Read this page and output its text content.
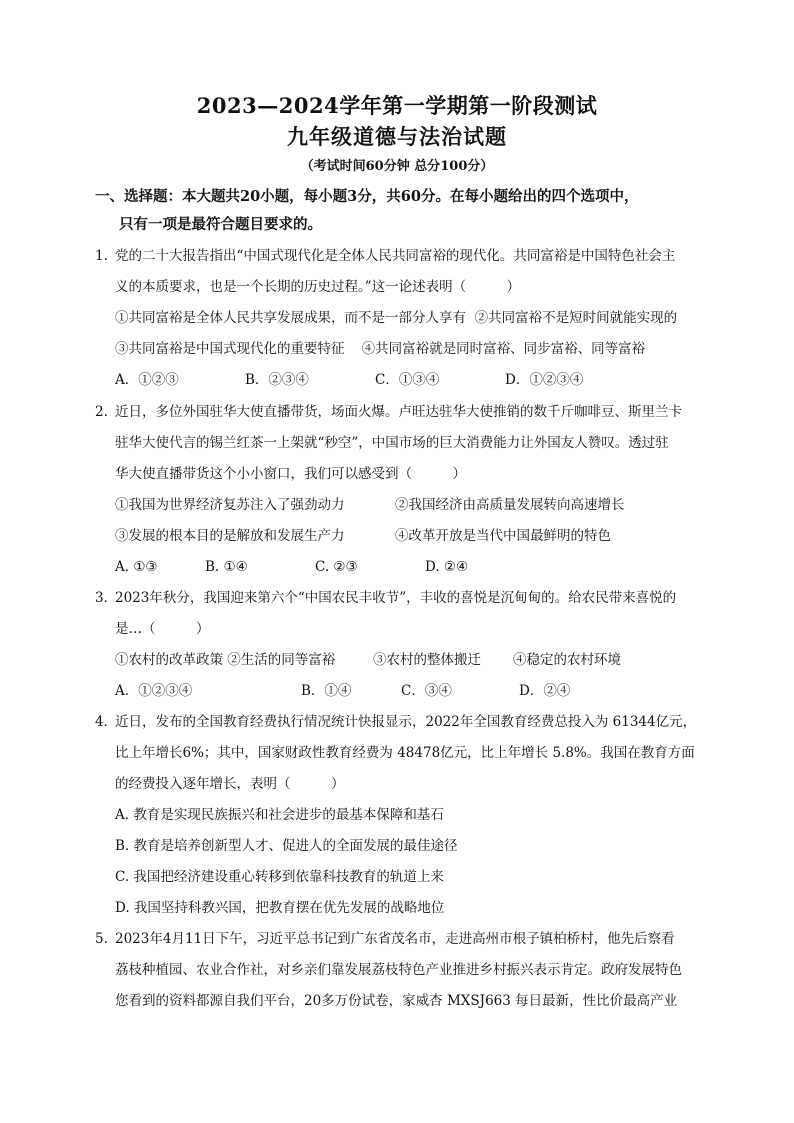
2023—2024学年第一学期第一阶段测试
九年级道德与法治试题
（考试时间60分钟 总分100分）
一、选择题：本大题共20小题，每小题3分，共60分。在每小题给出的四个选项中，
只有一项是最符合题目要求的。
1. 党的二十大报告指出“中国式现代化是全体人民共同富裕的现代化。共同富裕是中国特色社会主
义的本质要求，也是一个长期的历史过程。”这一论述表明（　　　）
①共同富裕是全体人民共享发展成果，而不是一部分人享有 ②共同富裕不是短时间就能实现的
③共同富裕是中国式现代化的重要特征 ④共同富裕就是同时富裕、同步富裕、同等富裕
A．①②③	B．②③④	C．①③④	D．①②③④
2. 近日，多位外国驻华大使直播带货，场面火爆。卢旺达驻华大使推销的数千斤咖啡豆、斯里兰卡
驻华大使代言的锡兰红茶一上架就“秒空”，中国市场的巨大消费能力让外国友人赞叹。透过驻
华大使直播带货这个小小窗口，我们可以感受到（　　　）
①我国为世界经济复苏注入了强劲动力	②我国经济由高质量发展转向高速增长
③发展的根本目的是解放和发展生产力	④改革开放是当代中国最鲜明的特色
A. ①③	B. ①④	C. ②③	D. ②④
3．2023年秋分，我国迎来第六个“中国农民丰收节”，丰收的喜悦是沉甸甸的。给农民带来喜悦的
是…（　　　）
①农村的改革政策 ②生活的同等富裕	③农村的整体搬迁 ④稳定的农村环境
A．①②③④	B．①④	C．③④	D．②④
4．近日，发布的全国教育经费执行情况统计快报显示，2022年全国教育经费总投入为 61344亿元，
比上年增长6%；其中，国家财政性教育经费为 48478亿元，比上年增长 5.8%。我国在教育方面
的经费投入逐年增长，表明（　　　）
A. 教育是实现民族振兴和社会进步的最基本保障和基石
B. 教育是培养创新型人才、促进人的全面发展的最佳途径
C. 我国把经济建设重心转移到依靠科技教育的轨道上来
D. 我国坚持科教兴国，把教育摆在优先发展的战略地位
5. 2023年4月11日下午，习近平总书记到广东省茂名市，走进高州市根子镇柏桥村，他先后察看
荔枝种植园、农业合作社，对乡亲们靠发展荔枝特色产业推进乡村振兴表示肯定。政府发展特色
您看到的资料都源自我们平台，20多万份试卷，家威杏 MXSJ663 每日最新，性比价最高产业
